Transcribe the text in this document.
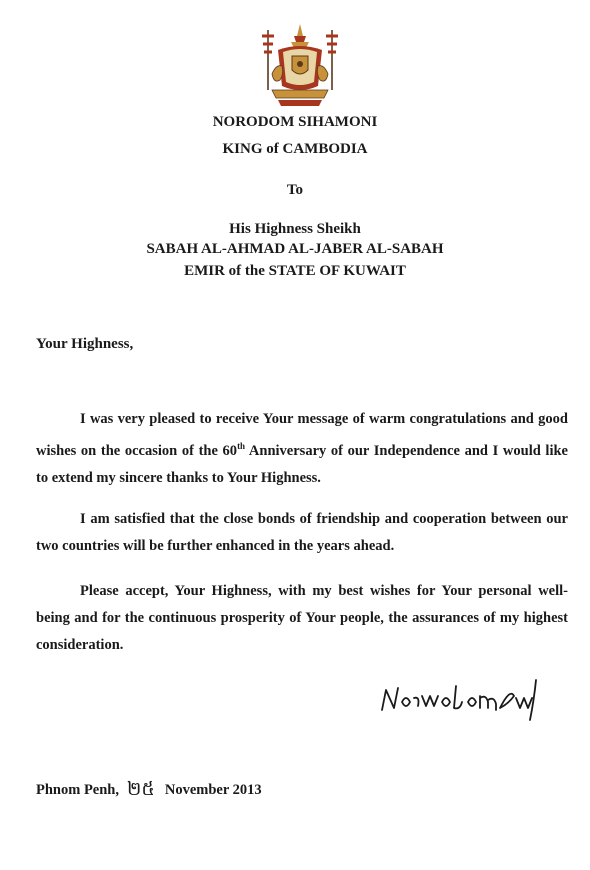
NORODOM SIHAMONI
KING of CAMBODIA
To
His Highness Sheikh
SABAH AL-AHMAD AL-JABER AL-SABAH
EMIR of the STATE OF KUWAIT
Your Highness,
I was very pleased to receive Your message of warm congratulations and good wishes on the occasion of the 60th Anniversary of our Independence and I would like to extend my sincere thanks to Your Highness.
I am satisfied that the close bonds of friendship and cooperation between our two countries will be further enhanced in the years ahead.
Please accept, Your Highness, with my best wishes for Your personal well-being and for the continuous prosperity of Your people, the assurances of my highest consideration.
Phnom Penh, ២៥ November 2013
